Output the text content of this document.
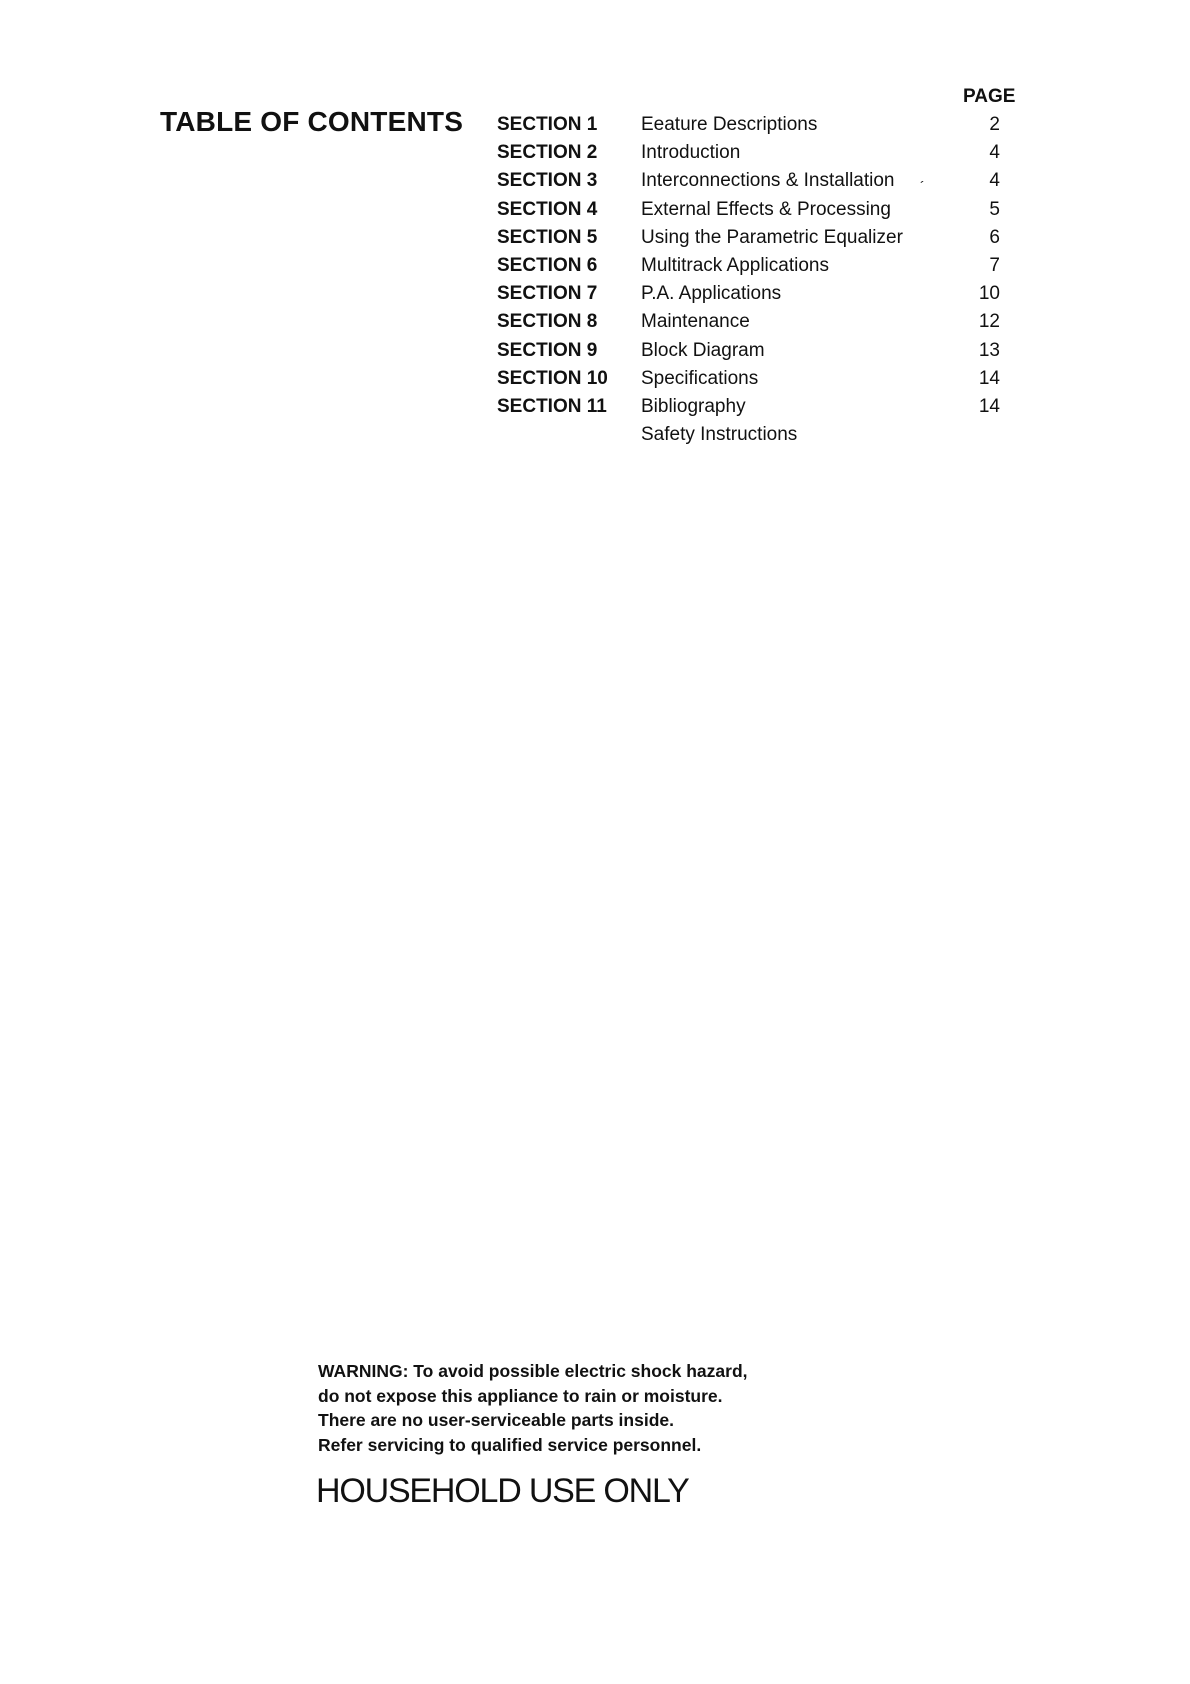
PAGE
TABLE OF CONTENTS SECTION 1 Eeature Descriptions	2
SECTION 2 Introduction	4
SECTION 3 Interconnections & Installation	4
SECTION 4 External Effects & Processing	5
SECTION 5 Using the Parametric Equalizer	6
SECTION 6 Multitrack Applications	7
SECTION 7 P.A. Applications	10
SECTION 8 Maintenance	12
SECTION 9 Block Diagram	13
SECTION 10 Specifications	14
SECTION 11 Bibliography	14
Safety Instructions
´
WARNING: To avoid possible electric shock hazard,
do not expose this appliance to rain or moisture.
There are no user-serviceable parts inside.
Refer servicing to qualified service personnel.
HOUSEHOLD USE ONLY
